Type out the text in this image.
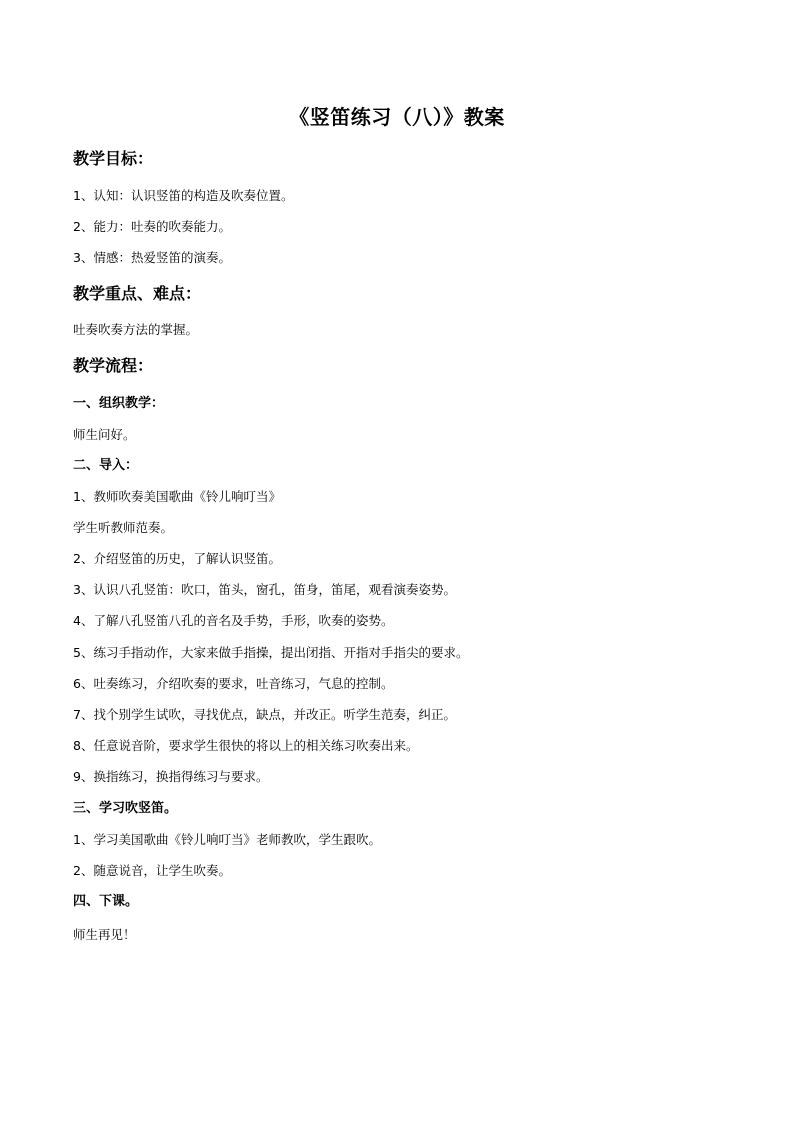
《竖笛练习（八）》教案
教学目标：
1、认知：认识竖笛的构造及吹奏位置。
2、能力：吐奏的吹奏能力。
3、情感：热爱竖笛的演奏。
教学重点、难点：
吐奏吹奏方法的掌握。
教学流程：
一、组织教学：
师生问好。
二、导入：
1、教师吹奏美国歌曲《铃儿响叮当》
学生听教师范奏。
2、介绍竖笛的历史，了解认识竖笛。
3、认识八孔竖笛：吹口，笛头，窗孔，笛身，笛尾，观看演奏姿势。
4、了解八孔竖笛八孔的音名及手势，手形，吹奏的姿势。
5、练习手指动作，大家来做手指操，提出闭指、开指对手指尖的要求。
6、吐奏练习，介绍吹奏的要求，吐音练习，气息的控制。
7、找个别学生试吹，寻找优点，缺点，并改正。听学生范奏，纠正。
8、任意说音阶，要求学生很快的将以上的相关练习吹奏出来。
9、换指练习，换指得练习与要求。
三、学习吹竖笛。
1、学习美国歌曲《铃儿响叮当》老师教吹，学生跟吹。
2、随意说音，让学生吹奏。
四、下课。
师生再见！
